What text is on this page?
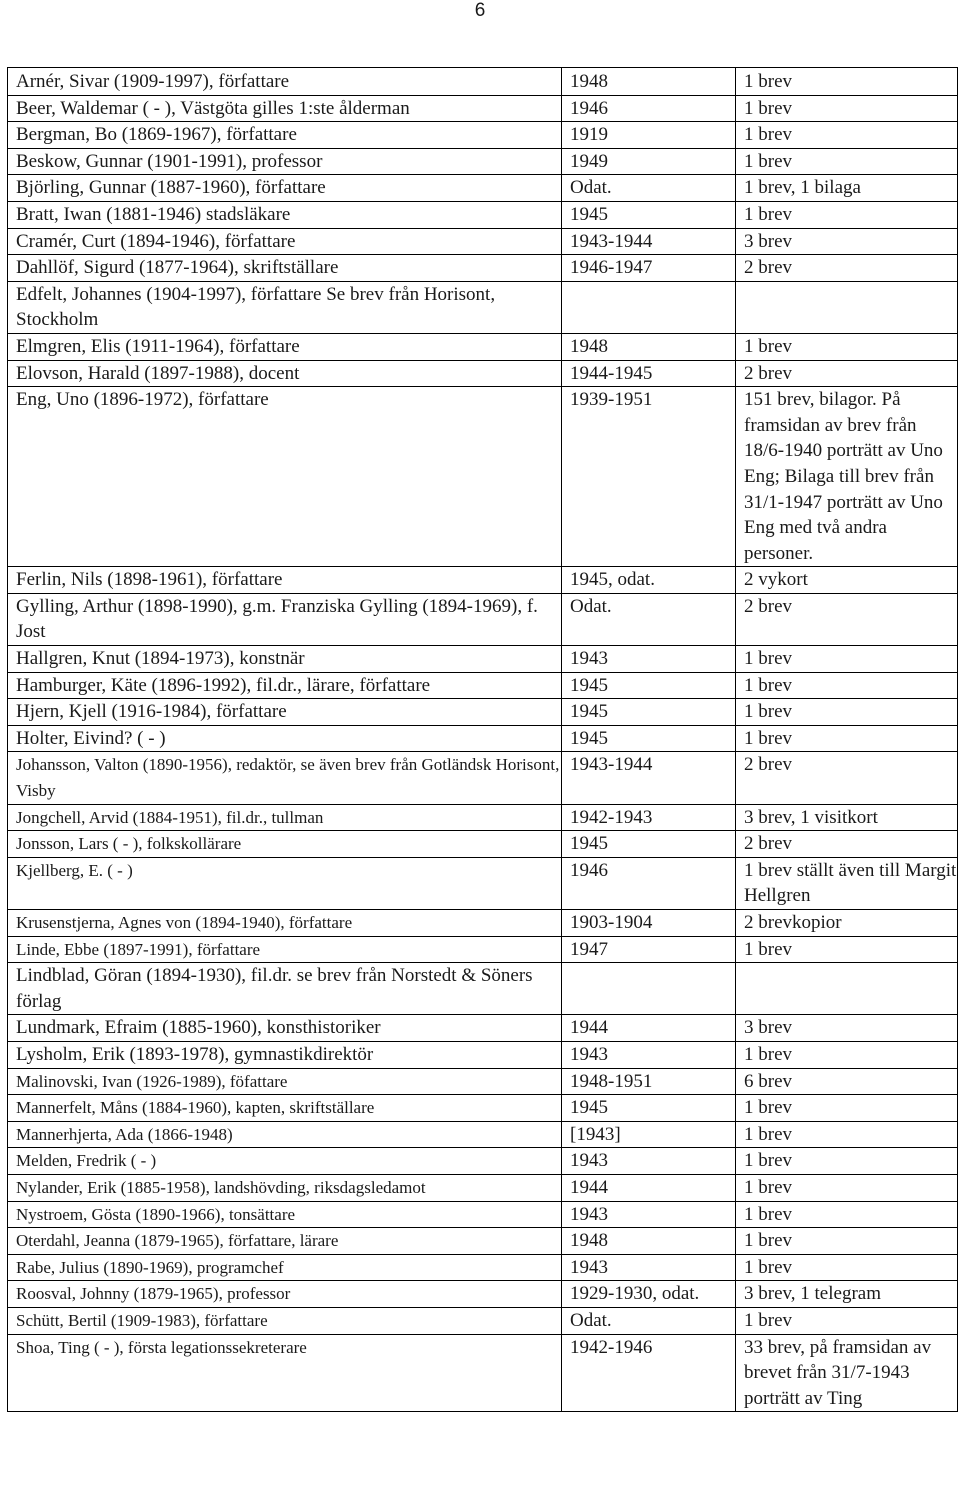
6
Arnér, Sivar (1909-1997), författare	1948	1 brev
Beer, Waldemar ( - ), Västgöta gilles 1:ste ålderman	1946	1 brev
Bergman, Bo (1869-1967), författare	1919	1 brev
Beskow, Gunnar (1901-1991), professor	1949	1 brev
Björling, Gunnar (1887-1960), författare	Odat.	1 brev, 1 bilaga
Bratt, Iwan (1881-1946) stadsläkare	1945	1 brev
Cramér, Curt (1894-1946), författare	1943-1944	3 brev
Dahllöf, Sigurd (1877-1964), skriftställare	1946-1947	2 brev
Edfelt, Johannes (1904-1997), författare Se brev från Horisont, Stockholm		
Elmgren, Elis (1911-1964), författare	1948	1 brev
Elovson, Harald (1897-1988), docent	1944-1945	2 brev
Eng, Uno (1896-1972), författare	1939-1951	151 brev, bilagor. På framsidan av brev från 18/6-1940 porträtt av Uno Eng; Bilaga till brev från 31/1-1947 porträtt av Uno Eng med två andra personer.
Ferlin, Nils (1898-1961), författare	1945, odat.	2 vykort
Gylling, Arthur (1898-1990), g.m. Franziska Gylling (1894-1969), f. Jost	Odat.	2 brev
Hallgren, Knut (1894-1973), konstnär	1943	1 brev
Hamburger, Käte (1896-1992), fil.dr., lärare, författare	1945	1 brev
Hjern, Kjell (1916-1984), författare	1945	1 brev
Holter, Eivind? ( - )	1945	1 brev
Johansson, Valton (1890-1956), redaktör, se även brev från Gotländsk Horisont, Visby	1943-1944	2 brev
Jongchell, Arvid (1884-1951), fil.dr., tullman	1942-1943	3 brev, 1 visitkort
Jonsson, Lars ( - ), folkskollärare	1945	2 brev
Kjellberg, E. ( - )	1946	1 brev ställt även till Margit Hellgren
Krusenstjerna, Agnes von (1894-1940), författare	1903-1904	2 brevkopior
Linde, Ebbe (1897-1991), författare	1947	1 brev
Lindblad, Göran (1894-1930), fil.dr. se brev från Norstedt & Söners förlag		
Lundmark, Efraim (1885-1960), konsthistoriker	1944	3 brev
Lysholm, Erik (1893-1978), gymnastikdirektör	1943	1 brev
Malinovski, Ivan (1926-1989), föfattare	1948-1951	6 brev
Mannerfelt, Måns (1884-1960), kapten, skriftställare	1945	1 brev
Mannerhjerta, Ada (1866-1948)	[1943]	1 brev
Melden, Fredrik ( - )	1943	1 brev
Nylander, Erik (1885-1958), landshövding, riksdagsledamot	1944	1 brev
Nystroem, Gösta (1890-1966), tonsättare	1943	1 brev
Oterdahl, Jeanna (1879-1965), författare, lärare	1948	1 brev
Rabe, Julius (1890-1969), programchef	1943	1 brev
Roosval, Johnny (1879-1965), professor	1929-1930, odat.	3 brev, 1 telegram
Schütt, Bertil (1909-1983), författare	Odat.	1 brev
Shoa, Ting ( - ), första legationssekreterare	1942-1946	33 brev, på framsidan av brevet från 31/7-1943 porträtt av Ting
